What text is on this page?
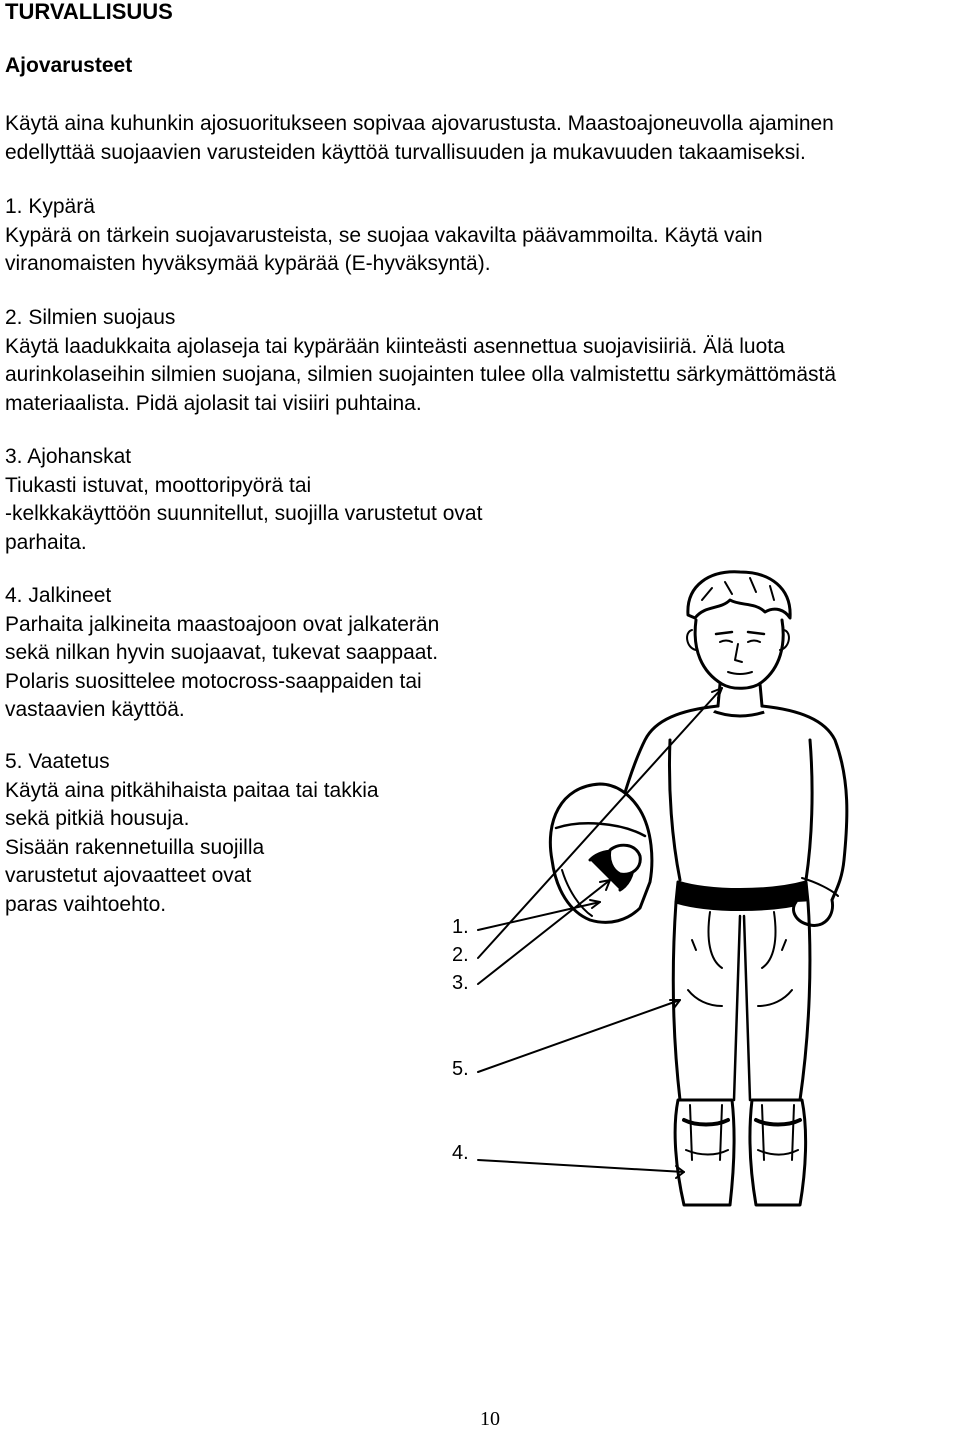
TURVALLISUUS
Ajovarusteet

Käytä aina kuhunkin ajosuoritukseen sopivaa ajovarustusta. Maastoajoneuvolla ajaminen
edellyttää suojaavien varusteiden käyttöä turvallisuuden ja mukavuuden takaamiseksi.

1. Kypärä
Kypärä on tärkein suojavarusteista, se suojaa vakavilta päävammoilta. Käytä vain
viranomaisten hyväksymää kypärää (E-hyväksyntä).
2. Silmien suojaus
Käytä laadukkaita ajolaseja tai kypärään kiinteästi asennettua suojavisiiriä. Älä luota
aurinkolaseihin silmien suojana, silmien suojainten tulee olla valmistettu särkymättömästä
materiaalista. Pidä ajolasit tai visiiri puhtaina.
3. Ajohanskat
Tiukasti istuvat, moottoripyörä tai
-kelkkakäyttöön suunnitellut, suojilla varustetut ovat
parhaita.
4. Jalkineet
Parhaita jalkineita maastoajoon ovat jalkaterän
sekä nilkan hyvin suojaavat, tukevat saappaat.
Polaris suosittelee motocross-saappaiden tai
vastaavien käyttöä.
5. Vaatetus
Käytä aina pitkähihaista paitaa tai takkia
sekä pitkiä housuja.
Sisään rakennetuilla suojilla
varustetut ajovaatteet ovat
paras vaihtoehto.
1.
2.
3.
5.
4.
10
